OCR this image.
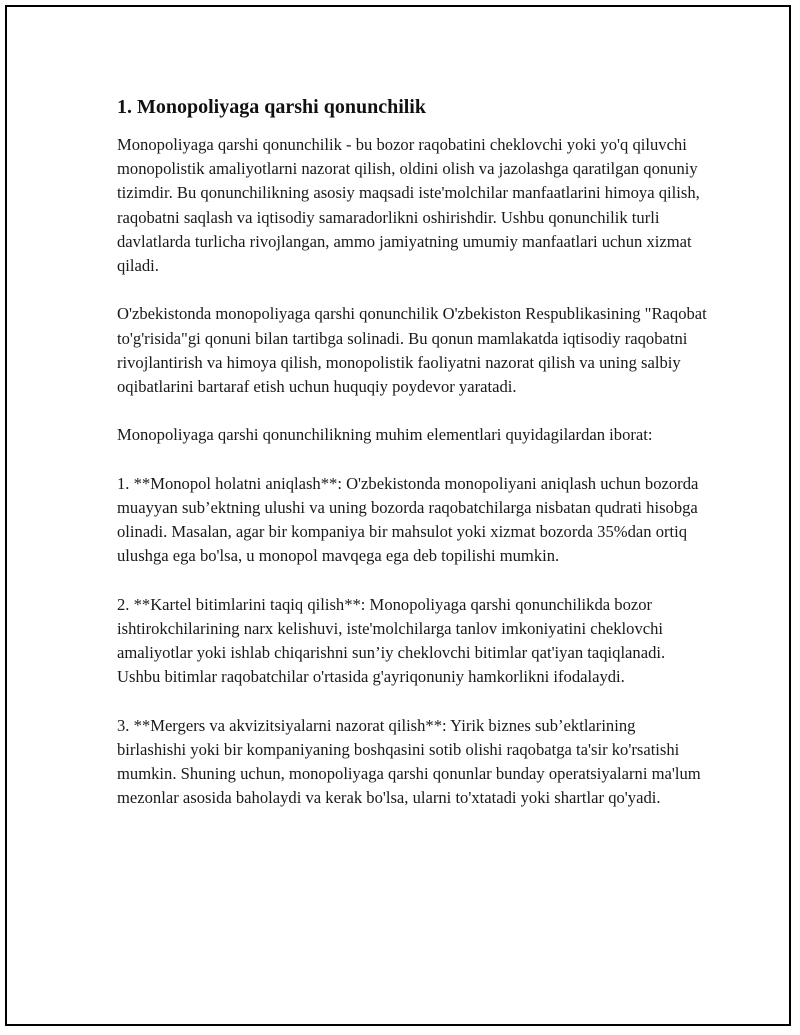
1. Monopoliyaga qarshi qonunchilik

Monopoliyaga qarshi qonunchilik - bu bozor raqobatini cheklovchi yoki yo'q qiluvchi monopolistik amaliyotlarni nazorat qilish, oldini olish va jazolashga qaratilgan qonuniy tizimdir. Bu qonunchilikning asosiy maqsadi iste'molchilar manfaatlarini himoya qilish, raqobatni saqlash va iqtisodiy samaradorlikni oshirishdir. Ushbu qonunchilik turli davlatlarda turlicha rivojlangan, ammo jamiyatning umumiy manfaatlari uchun xizmat qiladi.

O'zbekistonda monopoliyaga qarshi qonunchilik O'zbekiston Respublikasining "Raqobat to'g'risida"gi qonuni bilan tartibga solinadi. Bu qonun mamlakatda iqtisodiy raqobatni rivojlantirish va himoya qilish, monopolistik faoliyatni nazorat qilish va uning salbiy oqibatlarini bartaraf etish uchun huquqiy poydevor yaratadi.

Monopoliyaga qarshi qonunchilikning muhim elementlari quyidagilardan iborat:

1. **Monopol holatni aniqlash**: O'zbekistonda monopoliyani aniqlash uchun bozorda muayyan sub’ektning ulushi va uning bozorda raqobatchilarga nisbatan qudrati hisobga olinadi. Masalan, agar bir kompaniya bir mahsulot yoki xizmat bozorda 35%dan ortiq ulushga ega bo'lsa, u monopol mavqega ega deb topilishi mumkin.

2. **Kartel bitimlarini taqiq qilish**: Monopoliyaga qarshi qonunchilikda bozor ishtirokchilarining narx kelishuvi, iste'molchilarga tanlov imkoniyatini cheklovchi amaliyotlar yoki ishlab chiqarishni sun’iy cheklovchi bitimlar qat'iyan taqiqlanadi. Ushbu bitimlar raqobatchilar o'rtasida g'ayriqonuniy hamkorlikni ifodalaydi.

3. **Mergers va akvizitsiyalarni nazorat qilish**: Yirik biznes sub’ektlarining birlashishi yoki bir kompaniyaning boshqasini sotib olishi raqobatga ta'sir ko'rsatishi mumkin. Shuning uchun, monopoliyaga qarshi qonunlar bunday operatsiyalarni ma'lum mezonlar asosida baholaydi va kerak bo'lsa, ularni to'xtatadi yoki shartlar qo'yadi.
